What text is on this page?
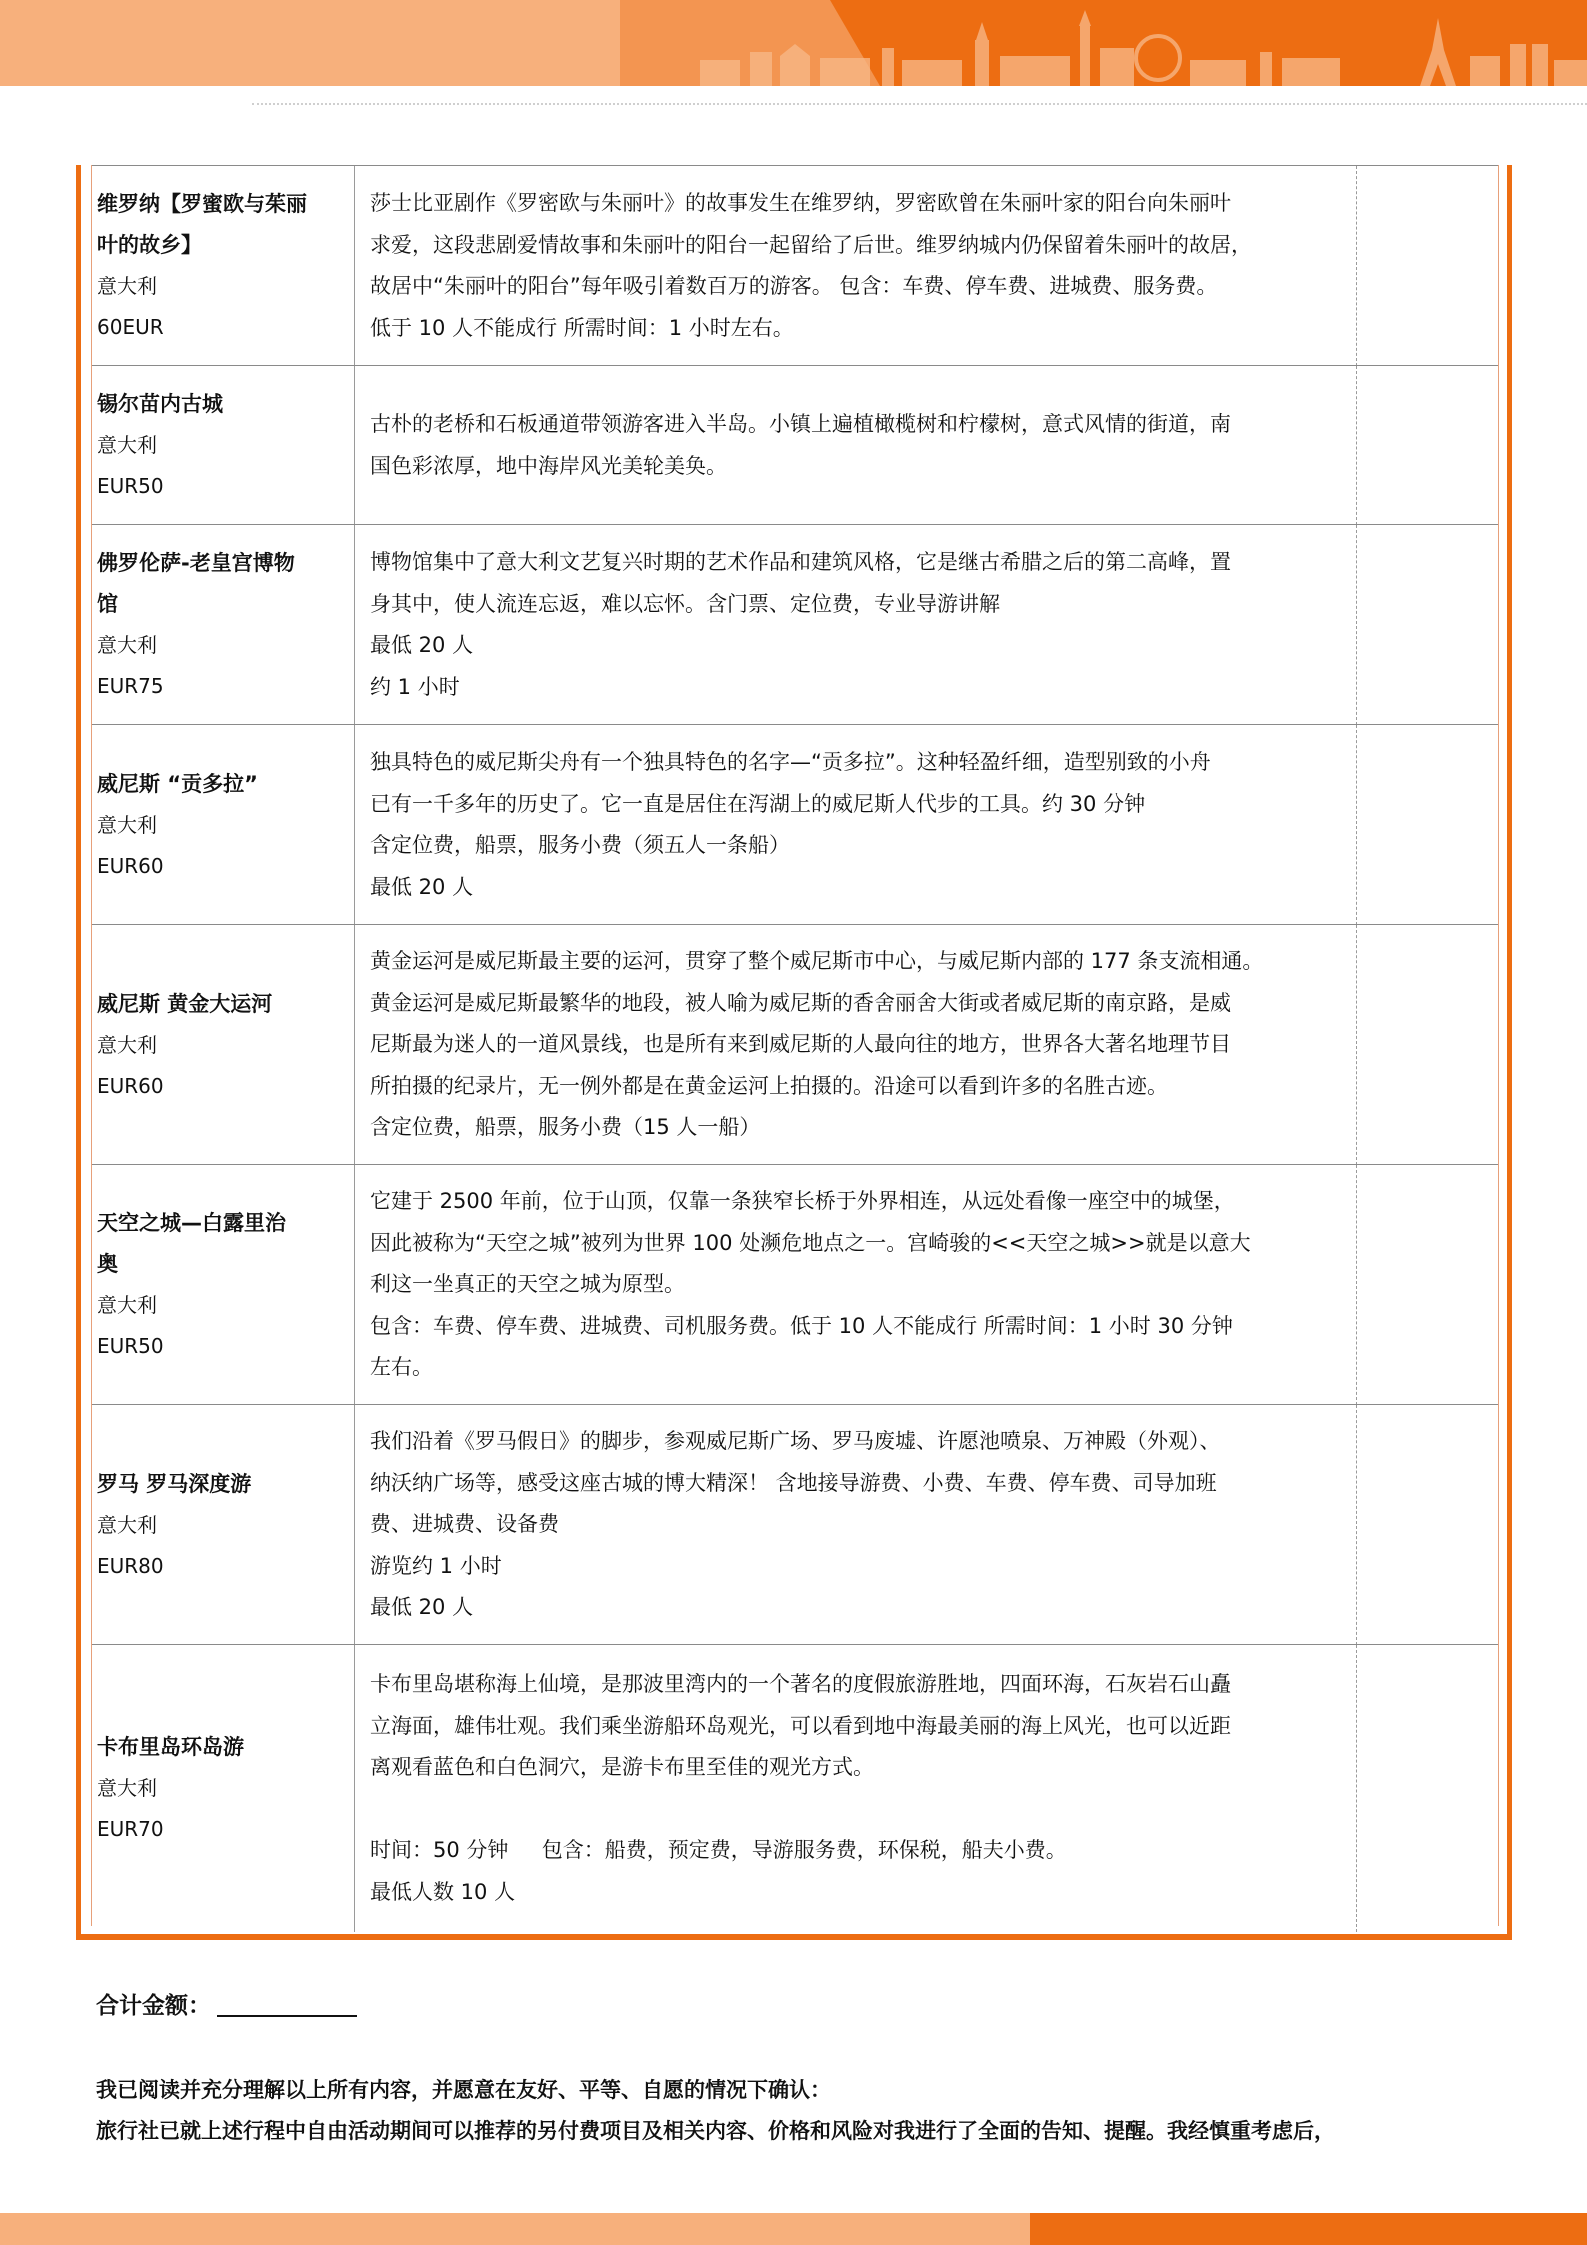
维罗纳【罗蜜欧与茱丽
叶的故乡】
意大利
60EUR
莎士比亚剧作《罗密欧与朱丽叶》的故事发生在维罗纳，罗密欧曾在朱丽叶家的阳台向朱丽叶
求爱，这段悲剧爱情故事和朱丽叶的阳台一起留给了后世。维罗纳城内仍保留着朱丽叶的故居，
故居中“朱丽叶的阳台”每年吸引着数百万的游客。 包含：车费、停车费、进城费、服务费。
低于 10 人不能成行 所需时间：1 小时左右。
锡尔苗内古城
意大利
EUR50
古朴的老桥和石板通道带领游客进入半岛。小镇上遍植橄榄树和柠檬树，意式风情的街道，南
国色彩浓厚，地中海岸风光美轮美奂。
佛罗伦萨-老皇宫博物
馆
意大利
EUR75
博物馆集中了意大利文艺复兴时期的艺术作品和建筑风格，它是继古希腊之后的第二高峰，置
身其中，使人流连忘返，难以忘怀。含门票、定位费，专业导游讲解
最低 20 人
约 1 小时
威尼斯 “贡多拉”
意大利
EUR60
独具特色的威尼斯尖舟有一个独具特色的名字—“贡多拉”。这种轻盈纤细，造型别致的小舟
已有一千多年的历史了。它一直是居住在泻湖上的威尼斯人代步的工具。约 30 分钟
含定位费，船票，服务小费（须五人一条船）
最低 20 人
威尼斯 黄金大运河
意大利
EUR60
黄金运河是威尼斯最主要的运河，贯穿了整个威尼斯市中心，与威尼斯内部的 177 条支流相通。
黄金运河是威尼斯最繁华的地段，被人喻为威尼斯的香舍丽舍大街或者威尼斯的南京路，是威
尼斯最为迷人的一道风景线，也是所有来到威尼斯的人最向往的地方，世界各大著名地理节目
所拍摄的纪录片，无一例外都是在黄金运河上拍摄的。沿途可以看到许多的名胜古迹。
含定位费，船票，服务小费（15 人一船）
天空之城—白露里治
奥
意大利
EUR50
它建于 2500 年前，位于山顶，仅靠一条狭窄长桥于外界相连，从远处看像一座空中的城堡，
因此被称为“天空之城”被列为世界 100 处濒危地点之一。宫崎骏的<<天空之城>>就是以意大
利这一坐真正的天空之城为原型。
包含：车费、停车费、进城费、司机服务费。低于 10 人不能成行 所需时间：1 小时 30 分钟
左右。
罗马 罗马深度游
意大利
EUR80
我们沿着《罗马假日》的脚步，参观威尼斯广场、罗马废墟、许愿池喷泉、万神殿（外观）、
纳沃纳广场等，感受这座古城的博大精深！ 含地接导游费、小费、车费、停车费、司导加班
费、进城费、设备费
游览约 1 小时
最低 20 人
卡布里岛环岛游
意大利
EUR70
卡布里岛堪称海上仙境，是那波里湾内的一个著名的度假旅游胜地，四面环海，石灰岩石山矗
立海面，雄伟壮观。我们乘坐游船环岛观光，可以看到地中海最美丽的海上风光，也可以近距
离观看蓝色和白色洞穴，是游卡布里至佳的观光方式。
时间：50 分钟     包含：船费，预定费，导游服务费，环保税，船夫小费。
最低人数 10 人
合计金额：
我已阅读并充分理解以上所有内容，并愿意在友好、平等、自愿的情况下确认：
旅行社已就上述行程中自由活动期间可以推荐的另付费项目及相关内容、价格和风险对我进行了全面的告知、提醒。我经慎重考虑后，
